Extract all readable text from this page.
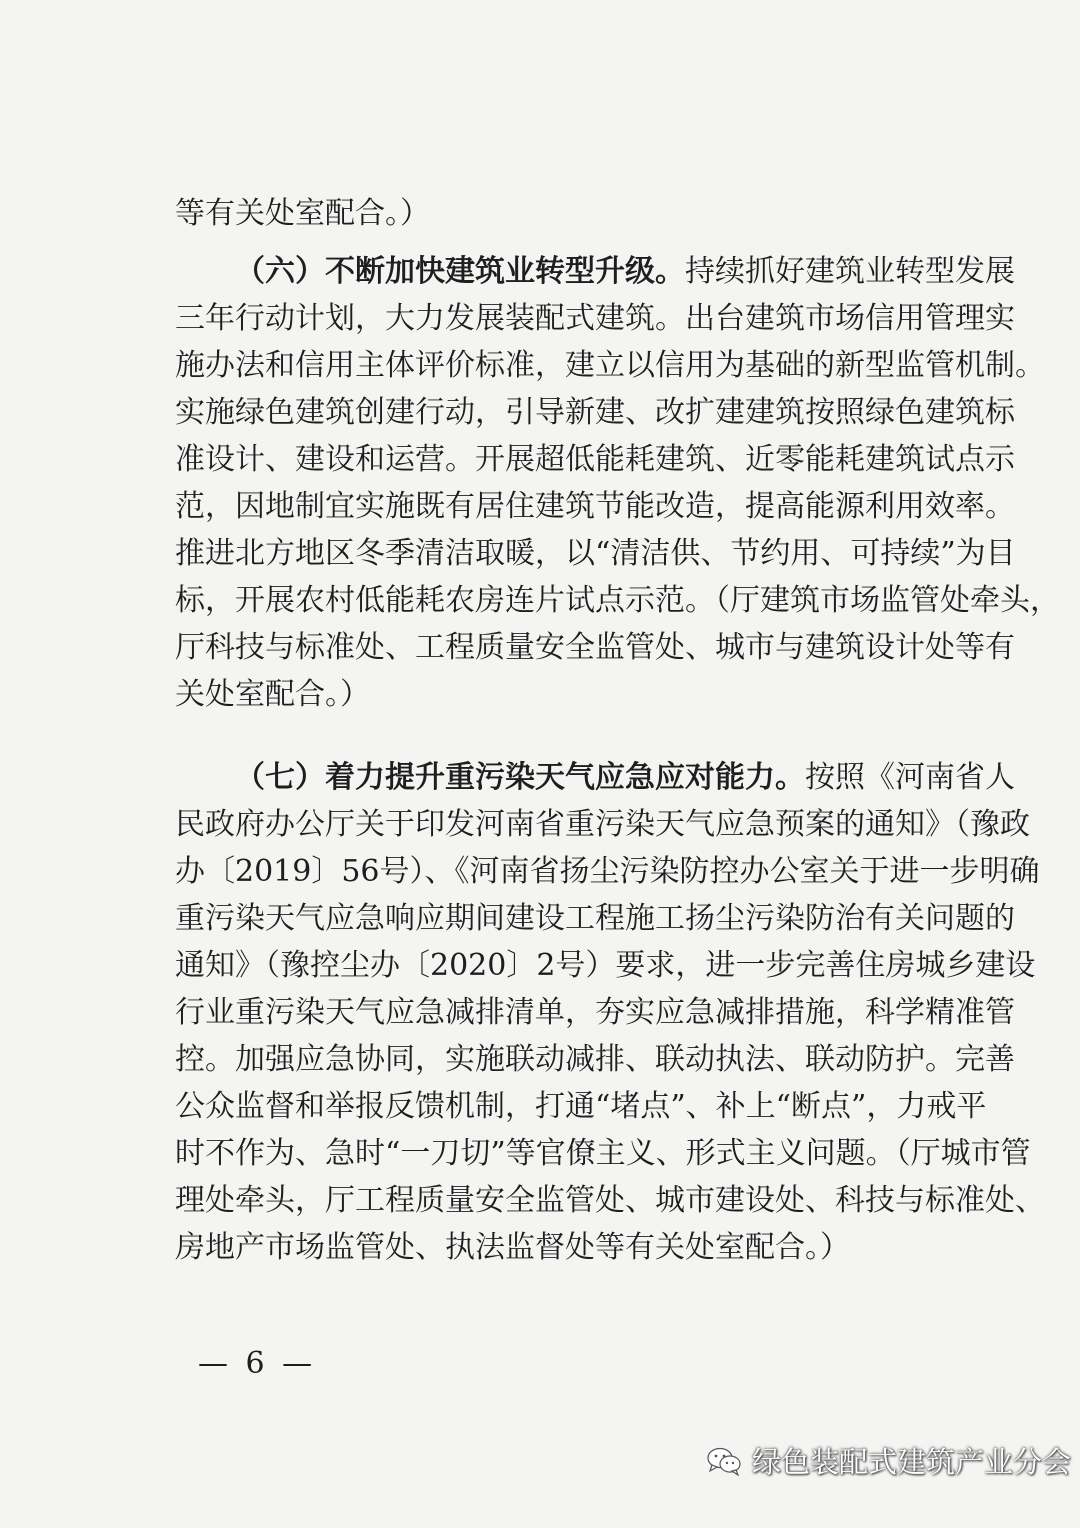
等有关处室配合。）
（六）不断加快建筑业转型升级。持续抓好建筑业转型发展
三年行动计划，大力发展装配式建筑。出台建筑市场信用管理实
施办法和信用主体评价标准，建立以信用为基础的新型监管机制。
实施绿色建筑创建行动，引导新建、改扩建建筑按照绿色建筑标
准设计、建设和运营。开展超低能耗建筑、近零能耗建筑试点示
范，因地制宜实施既有居住建筑节能改造，提高能源利用效率。
推进北方地区冬季清洁取暖，以“清洁供、节约用、可持续”为目
标，开展农村低能耗农房连片试点示范。（厅建筑市场监管处牵头，
厅科技与标准处、工程质量安全监管处、城市与建筑设计处等有
关处室配合。）
（七）着力提升重污染天气应急应对能力。按照《河南省人
民政府办公厅关于印发河南省重污染天气应急预案的通知》（豫政
办〔2019〕56号）、《河南省扬尘污染防控办公室关于进一步明确
重污染天气应急响应期间建设工程施工扬尘污染防治有关问题的
通知》（豫控尘办〔2020〕2号）要求，进一步完善住房城乡建设
行业重污染天气应急减排清单，夯实应急减排措施，科学精准管
控。加强应急协同，实施联动减排、联动执法、联动防护。完善
公众监督和举报反馈机制，打通“堵点”、补上“断点”，力戒平
时不作为、急时“一刀切”等官僚主义、形式主义问题。（厅城市管
理处牵头，厅工程质量安全监管处、城市建设处、科技与标准处、
房地产市场监管处、执法监督处等有关处室配合。）
— 6 —
绿色装配式建筑产业分会
